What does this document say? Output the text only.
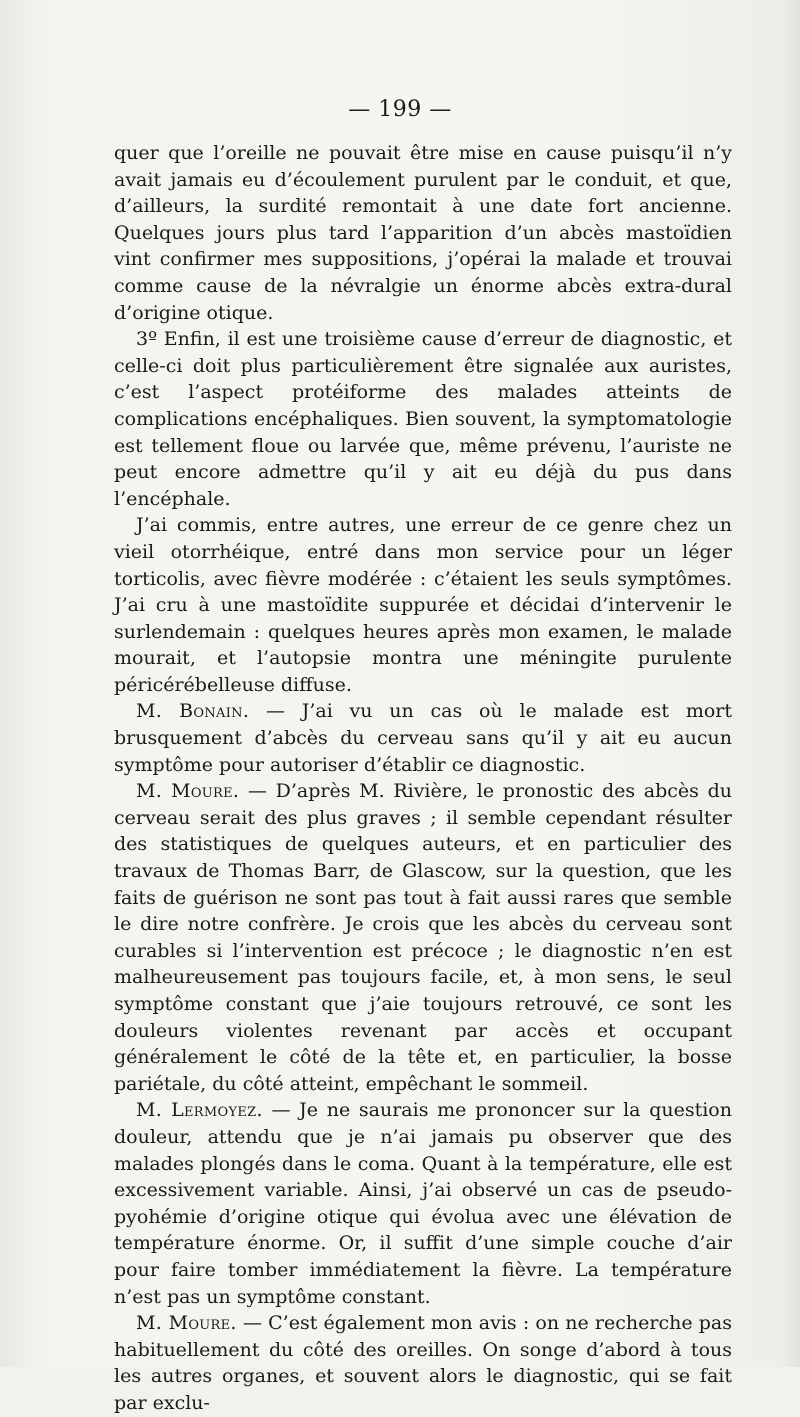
— 199 —

quer que l’oreille ne pouvait être mise en cause puisqu’il n’y avait jamais eu d’écoulement purulent par le conduit, et que, d’ailleurs, la surdité remontait à une date fort ancienne. Quelques jours plus tard l’apparition d’un abcès mastoïdien vint confirmer mes suppositions, j’opérai la malade et trouvai comme cause de la névralgie un énorme abcès extra-dural d’origine otique.

3º Enfin, il est une troisième cause d’erreur de diagnostic, et celle-ci doit plus particulièrement être signalée aux auristes, c’est l’aspect protéiforme des malades atteints de complications encéphaliques. Bien souvent, la symptomatologie est tellement floue ou larvée que, même prévenu, l’auriste ne peut encore admettre qu’il y ait eu déjà du pus dans l’encéphale.

J’ai commis, entre autres, une erreur de ce genre chez un vieil otorrhéique, entré dans mon service pour un léger torticolis, avec fièvre modérée : c’étaient les seuls symptômes. J’ai cru à une mastoïdite suppurée et décidai d’intervenir le surlendemain : quelques heures après mon examen, le malade mourait, et l’autopsie montra une méningite purulente péricérébelleuse diffuse.

M. Bonain. — J’ai vu un cas où le malade est mort brusquement d’abcès du cerveau sans qu’il y ait eu aucun symptôme pour autoriser d’établir ce diagnostic.

M. Moure. — D’après M. Rivière, le pronostic des abcès du cerveau serait des plus graves ; il semble cependant résulter des statistiques de quelques auteurs, et en particulier des travaux de Thomas Barr, de Glascow, sur la question, que les faits de guérison ne sont pas tout à fait aussi rares que semble le dire notre confrère. Je crois que les abcès du cerveau sont curables si l’intervention est précoce ; le diagnostic n’en est malheureusement pas toujours facile, et, à mon sens, le seul symptôme constant que j’aie toujours retrouvé, ce sont les douleurs violentes revenant par accès et occupant généralement le côté de la tête et, en particulier, la bosse pariétale, du côté atteint, empêchant le sommeil.

M. Lermoyez. — Je ne saurais me prononcer sur la question douleur, attendu que je n’ai jamais pu observer que des malades plongés dans le coma. Quant à la température, elle est excessivement variable. Ainsi, j’ai observé un cas de pseudo-pyohémie d’origine otique qui évolua avec une élévation de température énorme. Or, il suffit d’une simple couche d’air pour faire tomber immédiatement la fièvre. La température n’est pas un symptôme constant.

M. Moure. — C’est également mon avis : on ne recherche pas habituellement du côté des oreilles. On songe d’abord à tous les autres organes, et souvent alors le diagnostic, qui se fait par exclu-
